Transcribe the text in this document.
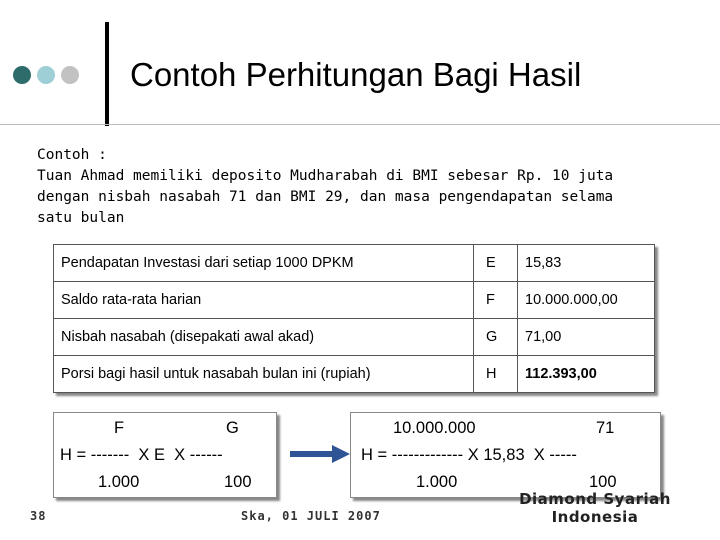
Contoh Perhitungan Bagi Hasil
Contoh :
Tuan Ahmad memiliki deposito Mudharabah di BMI sebesar Rp. 10 juta
dengan nisbah nasabah 71 dan BMI 29, dan masa pengendapatan selama
satu bulan
Pendapatan Investasi dari setiap 1000 DPKM	E	15,83
Saldo rata-rata harian	F	10.000.000,00
Nisbah nasabah (disepakati awal akad)	G	71,00
Porsi bagi hasil untuk nasabah bulan ini (rupiah)	H	112.393,00
F	G
H = -------  X E  X ------
1.000	100
10.000.000	71
H = ------------- X 15,83  X -----
1.000	100
38	Ska, 01 JULI 2007
Diamond Syariah
Indonesia
